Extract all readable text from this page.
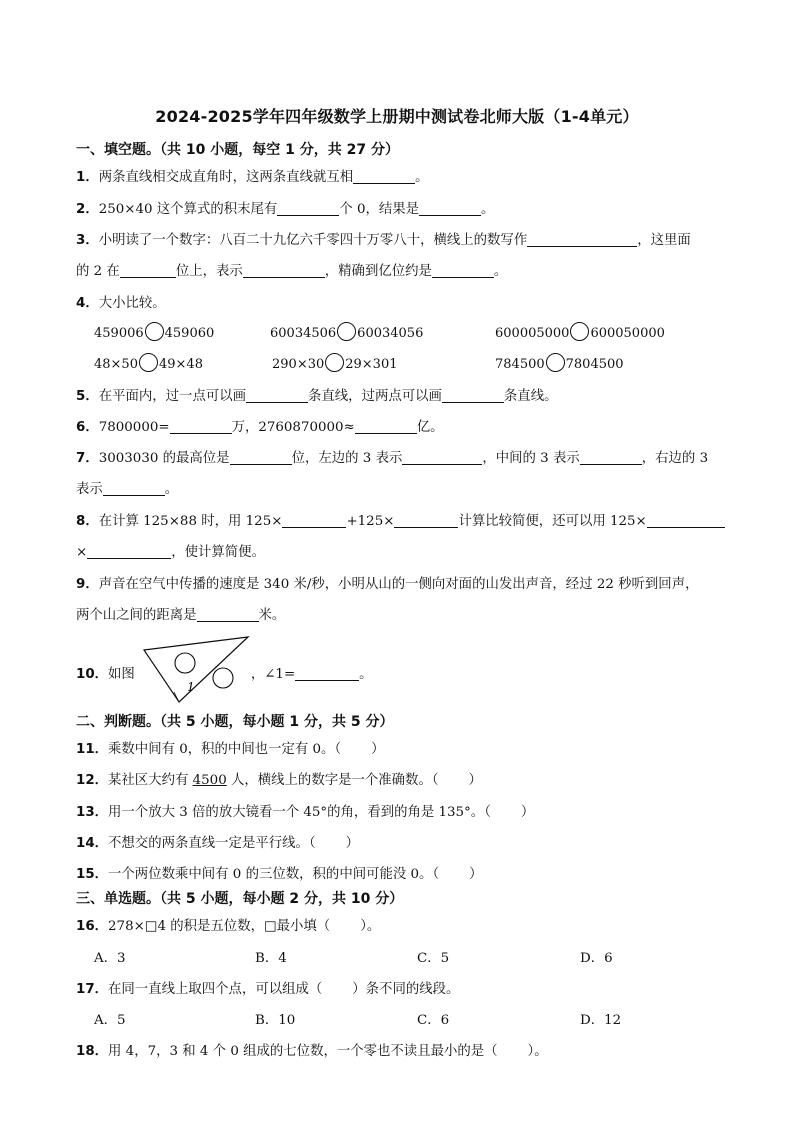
2024-2025学年四年级数学上册期中测试卷北师大版（1-4单元）
一、填空题。（共 10 小题，每空 1 分，共 27 分）
1．两条直线相交成直角时，这两条直线就互相	。
2．250×40 这个算式的积末尾有	个 0，结果是	。
3．小明读了一个数字：八百二十九亿六千零四十万零八十，横线上的数写作	，这里面
的 2 在	位上，表示	，精确到亿位约是	。
4．大小比较。
459006 459060	60034506 60034056	600005000 600050000
48×50 49×48	290×30 29×301	784500 7804500
5．在平面内，过一点可以画	条直线，过两点可以画	条直线。
6．7800000=	万，2760870000≈	亿。
7．3003030 的最高位是	位，左边的 3 表示	，中间的 3 表示	，右边的 3
表示	。
8．在计算 125×88 时，用 125×	+125×	计算比较简便，还可以用 125×
×	，使计算简便。
9．声音在空气中传播的速度是 340 米/秒，小明从山的一侧向对面的山发出声音，经过 22 秒听到回声，
两个山之间的距离是	米。
10．如图	，∠1=	。
1
二、判断题。（共 5 小题，每小题 1 分，共 5 分）
11．乘数中间有 0，积的中间也一定有 0。（ ）
12．某社区大约有 4500 人，横线上的数字是一个准确数。（ ）
13．用一个放大 3 倍的放大镜看一个 45°的角，看到的角是 135°。（ ）
14．不想交的两条直线一定是平行线。（ ）
15．一个两位数乘中间有 0 的三位数，积的中间可能没 0。（ ）
三、单选题。（共 5 小题，每小题 2 分，共 10 分）
16．278×□4 的积是五位数，□最小填（ ）。
A．3	B．4	C．5	D．6
17．在同一直线上取四个点，可以组成（ ）条不同的线段。
A．5	B．10	C．6	D．12
18．用 4，7，3 和 4 个 0 组成的七位数，一个零也不读且最小的是（ ）。
